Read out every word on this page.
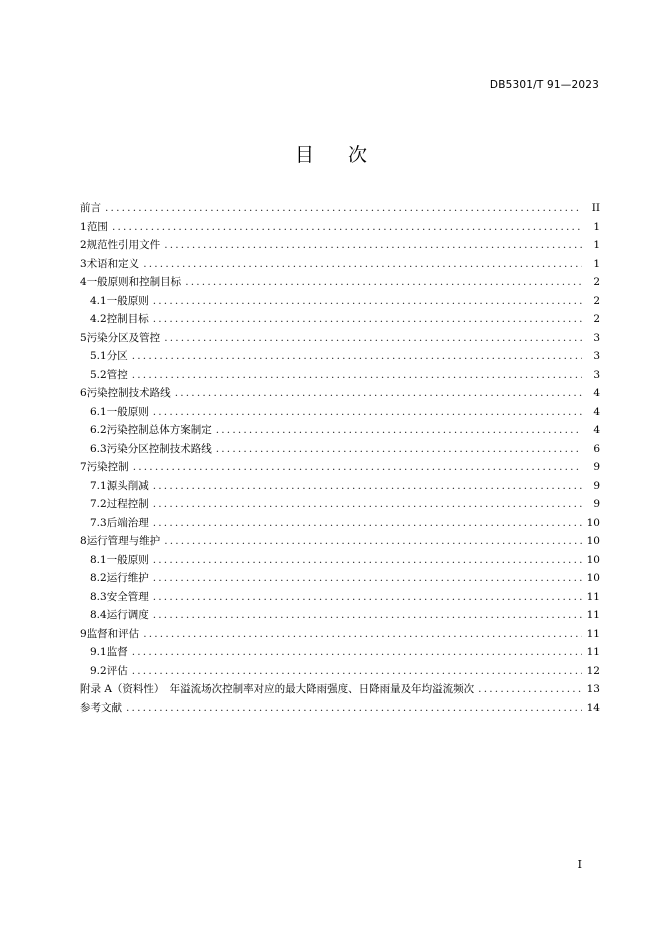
DB5301/T 91—2023
目 次
前言 .....	II
1 范围 .....	1
2 规范性引用文件 .....	1
3 术语和定义 .....	1
4 一般原则和控制目标 .....	2
4.1 一般原则 .....	2
4.2 控制目标 .....	2
5 污染分区及管控 .....	3
5.1 分区 .....	3
5.2 管控 .....	3
6 污染控制技术路线 .....	4
6.1 一般原则 .....	4
6.2 污染控制总体方案制定 .....	4
6.3 污染分区控制技术路线 .....	6
7 污染控制 .....	9
7.1 源头削减 .....	9
7.2 过程控制 .....	9
7.3 后端治理 .....	10
8 运行管理与维护 .....	10
8.1 一般原则 .....	10
8.2 运行维护 .....	10
8.3 安全管理 .....	11
8.4 运行调度 .....	11
9 监督和评估 .....	11
9.1 监督 .....	11
9.2 评估 .....	12
附录 A（资料性）　年溢流场次控制率对应的最大降雨强度、日降雨量及年均溢流频次 .....	13
参考文献 .....	14
I
